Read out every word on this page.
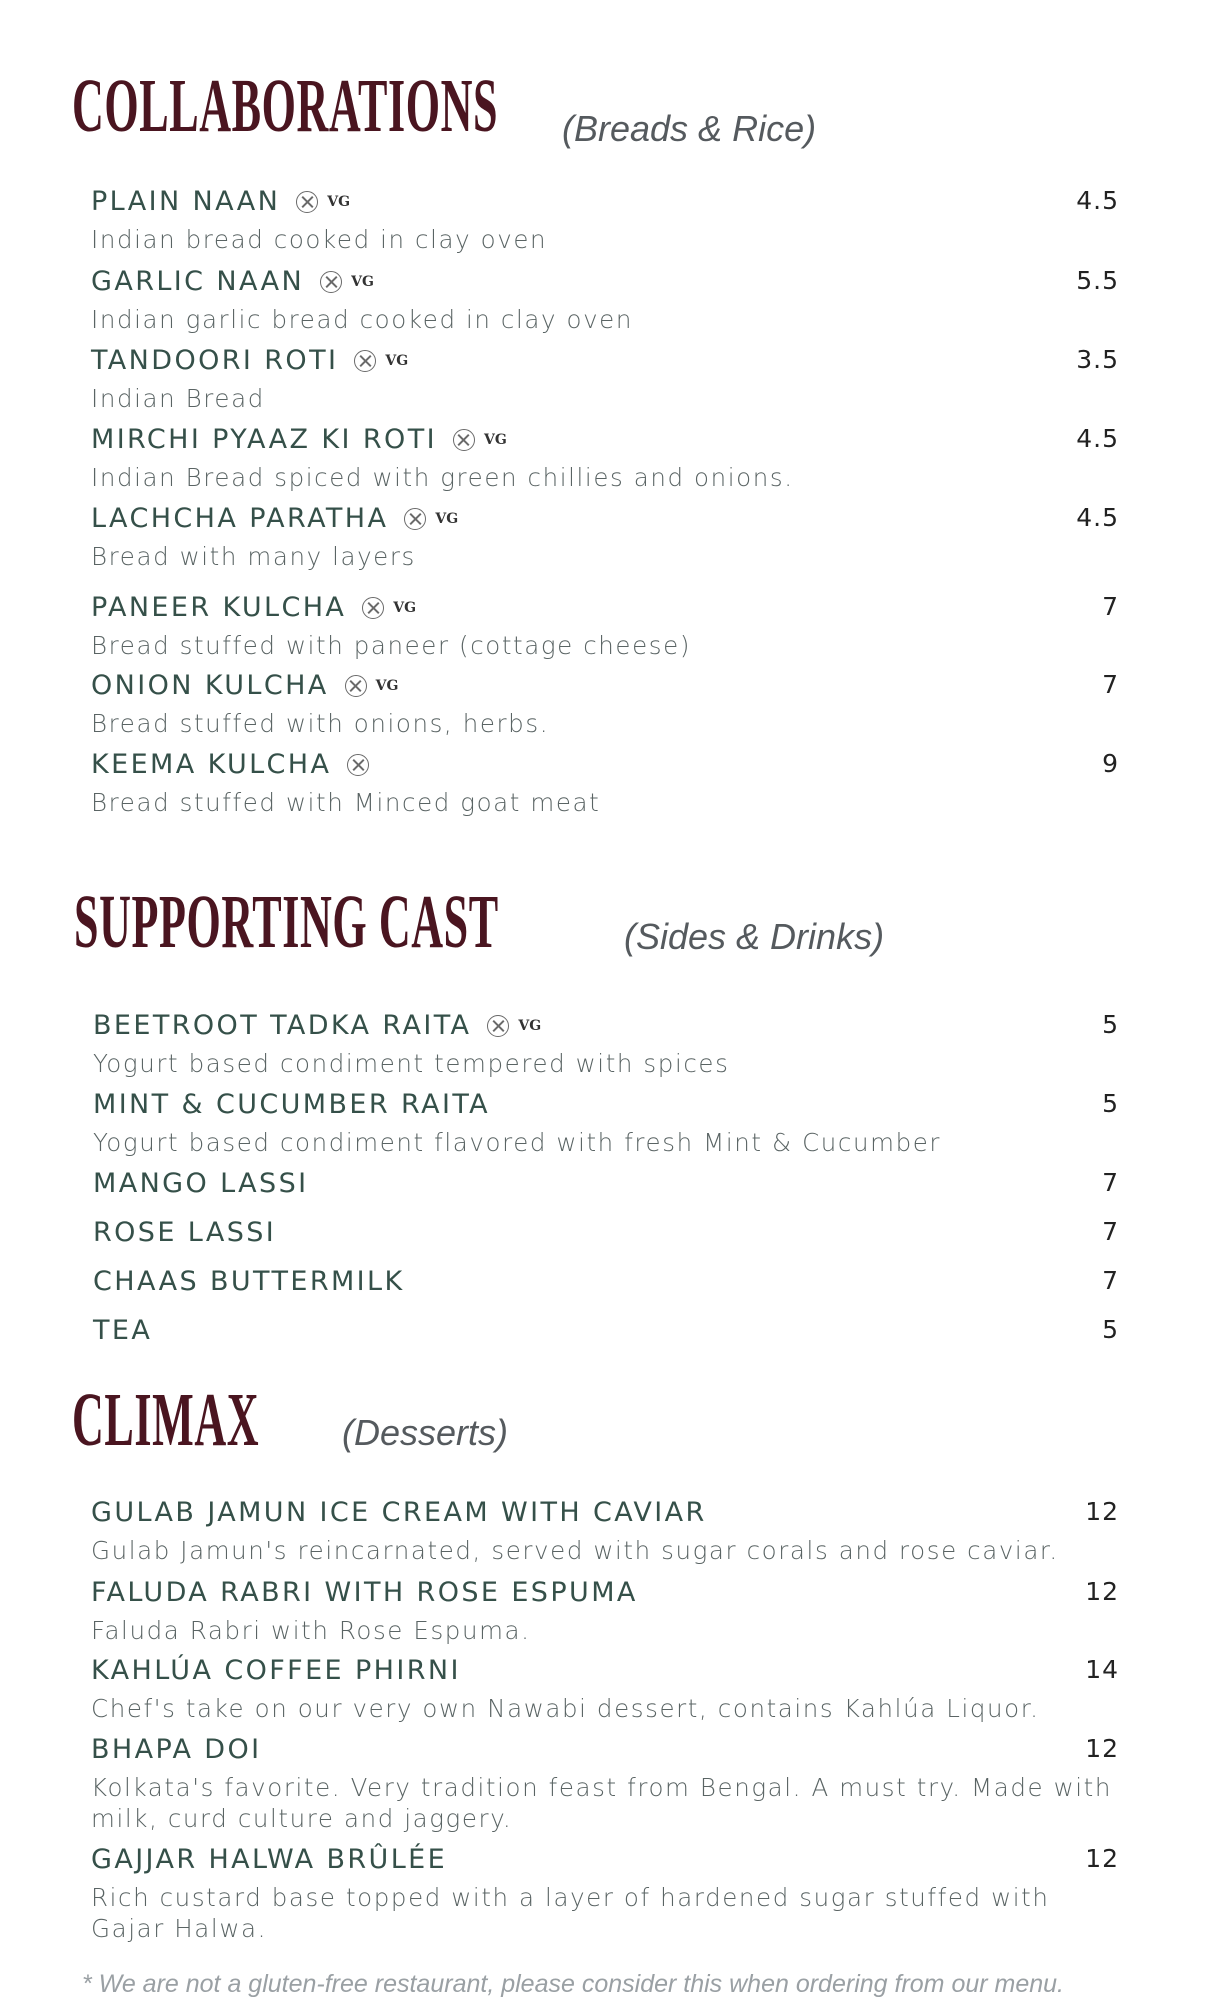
COLLABORATIONS (Breads & Rice)
PLAIN NAAN	VG	4.5
Indian bread cooked in clay oven
GARLIC NAAN	VG	5.5
Indian garlic bread cooked in clay oven
TANDOORI ROTI	VG	3.5
Indian Bread
MIRCHI PYAAZ KI ROTI	VG	4.5
Indian Bread spiced with green chillies and onions.
LACHCHA PARATHA	VG	4.5
Bread with many layers
PANEER KULCHA	VG	7
Bread stuffed with paneer (cottage cheese)
ONION KULCHA	VG	7
Bread stuffed with onions, herbs.
KEEMA KULCHA	9
Bread stuffed with Minced goat meat
SUPPORTING CAST	(Sides & Drinks)
BEETROOT TADKA RAITA	VG	5
Yogurt based condiment tempered with spices
MINT & CUCUMBER RAITA	5
Yogurt based condiment flavored with fresh Mint & Cucumber
MANGO LASSI	7
ROSE LASSI	7
CHAAS BUTTERMILK	7
TEA	5
CLIMAX (Desserts)
GULAB JAMUN ICE CREAM WITH CAVIAR	12
Gulab Jamun's reincarnated, served with sugar corals and rose caviar.
FALUDA RABRI WITH ROSE ESPUMA	12
Faluda Rabri with Rose Espuma.
KAHLÚA COFFEE PHIRNI	14
Chef's take on our very own Nawabi dessert, contains Kahlúa Liquor.
BHAPA DOI	12
Kolkata's favorite. Very tradition feast from Bengal. A must try. Made with milk, curd culture and jaggery.
GAJJAR HALWA BRÛLÉE	12
Rich custard base topped with a layer of hardened sugar stuffed with Gajar Halwa.
* We are not a gluten-free restaurant, please consider this when ordering from our menu.
